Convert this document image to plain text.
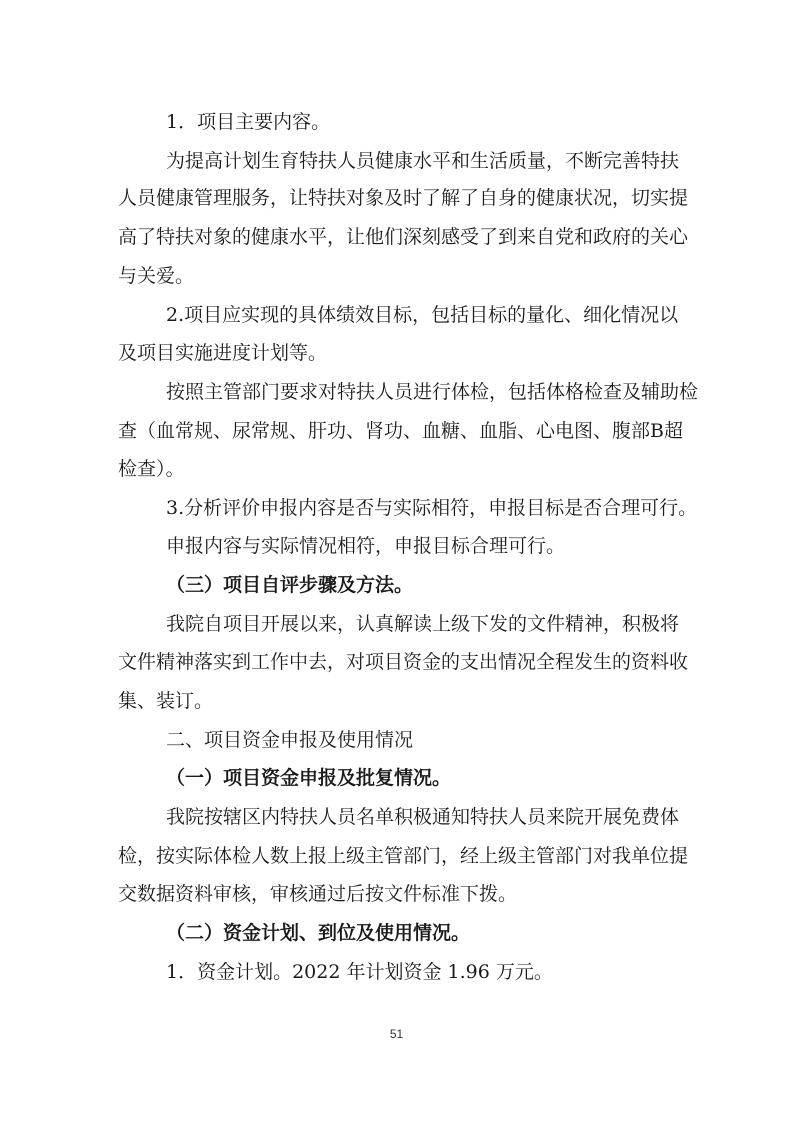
1．项目主要内容。
为提高计划生育特扶人员健康水平和生活质量，不断完善特扶
人员健康管理服务，让特扶对象及时了解了自身的健康状况，切实提
高了特扶对象的健康水平，让他们深刻感受了到来自党和政府的关心
与关爱。
2.项目应实现的具体绩效目标，包括目标的量化、细化情况以
及项目实施进度计划等。
按照主管部门要求对特扶人员进行体检，包括体格检查及辅助检
查（血常规、尿常规、肝功、肾功、血糖、血脂、心电图、腹部B超
检查）。
3.分析评价申报内容是否与实际相符，申报目标是否合理可行。
申报内容与实际情况相符，申报目标合理可行。
（三）项目自评步骤及方法。
我院自项目开展以来，认真解读上级下发的文件精神，积极将
文件精神落实到工作中去，对项目资金的支出情况全程发生的资料收
集、装订。
二、项目资金申报及使用情况
（一）项目资金申报及批复情况。
我院按辖区内特扶人员名单积极通知特扶人员来院开展免费体
检，按实际体检人数上报上级主管部门，经上级主管部门对我单位提
交数据资料审核，审核通过后按文件标准下拨。
（二）资金计划、到位及使用情况。
1．资金计划。2022 年计划资金 1.96 万元。
51
